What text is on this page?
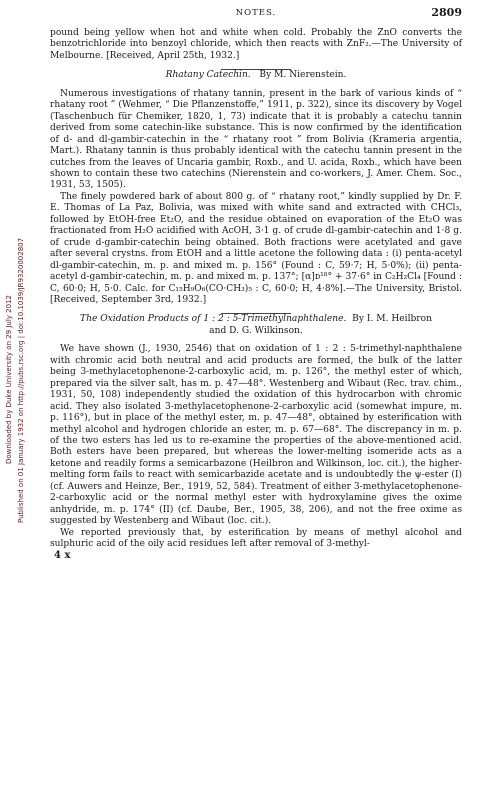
NOTES.	2809
Downloaded by Duke University on 29 July 2012 Published on 01 January 1932 on http://pubs.rsc.org | doi:10.1039/JR9320002807

pound being yellow when hot and white when cold. Probably the ZnO converts the benzotrichloride into benzoyl chloride, which then reacts with ZnF₂.—The University of Melbourne. [Received, April 25th, 1932.]

Rhatany Catechin. By M. Nierenstein.

Numerous investigations of rhatany tannin, present in the bark of various kinds of “ rhatany root ” (Wehmer, “ Die Pflanzenstoffe,” 1911, p. 322), since its discovery by Vogel (Taschenbuch für Chemiker, 1820, 1, 73) indicate that it is probably a catechu tannin derived from some catechin-like substance. This is now confirmed by the identification of d- and dl-gambir-catechin in the “ rhatany root ” from Bolivia (Krameria argentia, Mart.). Rhatany tannin is thus probably identical with the catechu tannin present in the cutches from the leaves of Uncaria gambir, Roxb., and U. acida, Roxb., which have been shown to contain these two catechins (Nierenstein and co-workers, J. Amer. Chem. Soc., 1931, 53, 1505).

The finely powdered bark of about 800 g. of “ rhatany root,” kindly supplied by Dr. F. E. Thomas of La Paz, Bolivia, was mixed with white sand and extracted with CHCl₃, followed by EtOH-free Et₂O, and the residue obtained on evaporation of the Et₂O was fractionated from H₂O acidified with AcOH, 3·1 g. of crude dl-gambir-catechin and 1·8 g. of crude d-gambir-catechin being obtained. Both fractions were acetylated and gave after several crystns. from EtOH and a little acetone the following data : (i) penta-acetyl dl-gambir-catechin, m. p. and mixed m. p. 156° (Found : C, 59·7; H, 5·0%); (ii) penta-acetyl d-gambir-catechin, m. p. and mixed m. p. 137°; [α]ᴅ¹⁸° + 37·6° in C₂H₂Cl₄ [Found : C, 60·0; H, 5·0. Calc. for C₁₅H₉O₆(CO·CH₃)₅ : C, 60·0; H, 4·8%].—The University, Bristol. [Received, September 3rd, 1932.]

The Oxidation Products of 1 : 2 : 5-Trimethylnaphthalene. By I. M. Heilbron
and D. G. Wilkinson.

We have shown (J., 1930, 2546) that on oxidation of 1 : 2 : 5-trimethyl-naphthalene with chromic acid both neutral and acid products are formed, the bulk of the latter being 3-methylacetophenone-2-carboxylic acid, m. p. 126°, the methyl ester of which, prepared via the silver salt, has m. p. 47—48°. Westenberg and Wibaut (Rec. trav. chim., 1931, 50, 108) independently studied the oxidation of this hydrocarbon with chromic acid. They also isolated 3-methylacetophenone-2-carboxylic acid (somewhat impure, m. p. 116°), but in place of the methyl ester, m. p. 47—48°, obtained by esterification with methyl alcohol and hydrogen chloride an ester, m. p. 67—68°. The discrepancy in m. p. of the two esters has led us to re-examine the properties of the above-mentioned acid. Both esters have been prepared, but whereas the lower-melting isomeride acts as a ketone and readily forms a semicarbazone (Heilbron and Wilkinson, loc. cit.), the higher-melting form fails to react with semicarbazide acetate and is undoubtedly the ψ-ester (I) (cf. Auwers and Heinze, Ber., 1919, 52, 584). Treatment of either 3-methylacetophenone-2-carboxylic acid or the normal methyl ester with hydroxylamine gives the oxime anhydride, m. p. 174° (II) (cf. Daube, Ber., 1905, 38, 206), and not the free oxime as suggested by Westenberg and Wibaut (loc. cit.).

We reported previously that, by esterification by means of methyl alcohol and sulphuric acid of the oily acid residues left after removal of 3-methyl-

4 x
